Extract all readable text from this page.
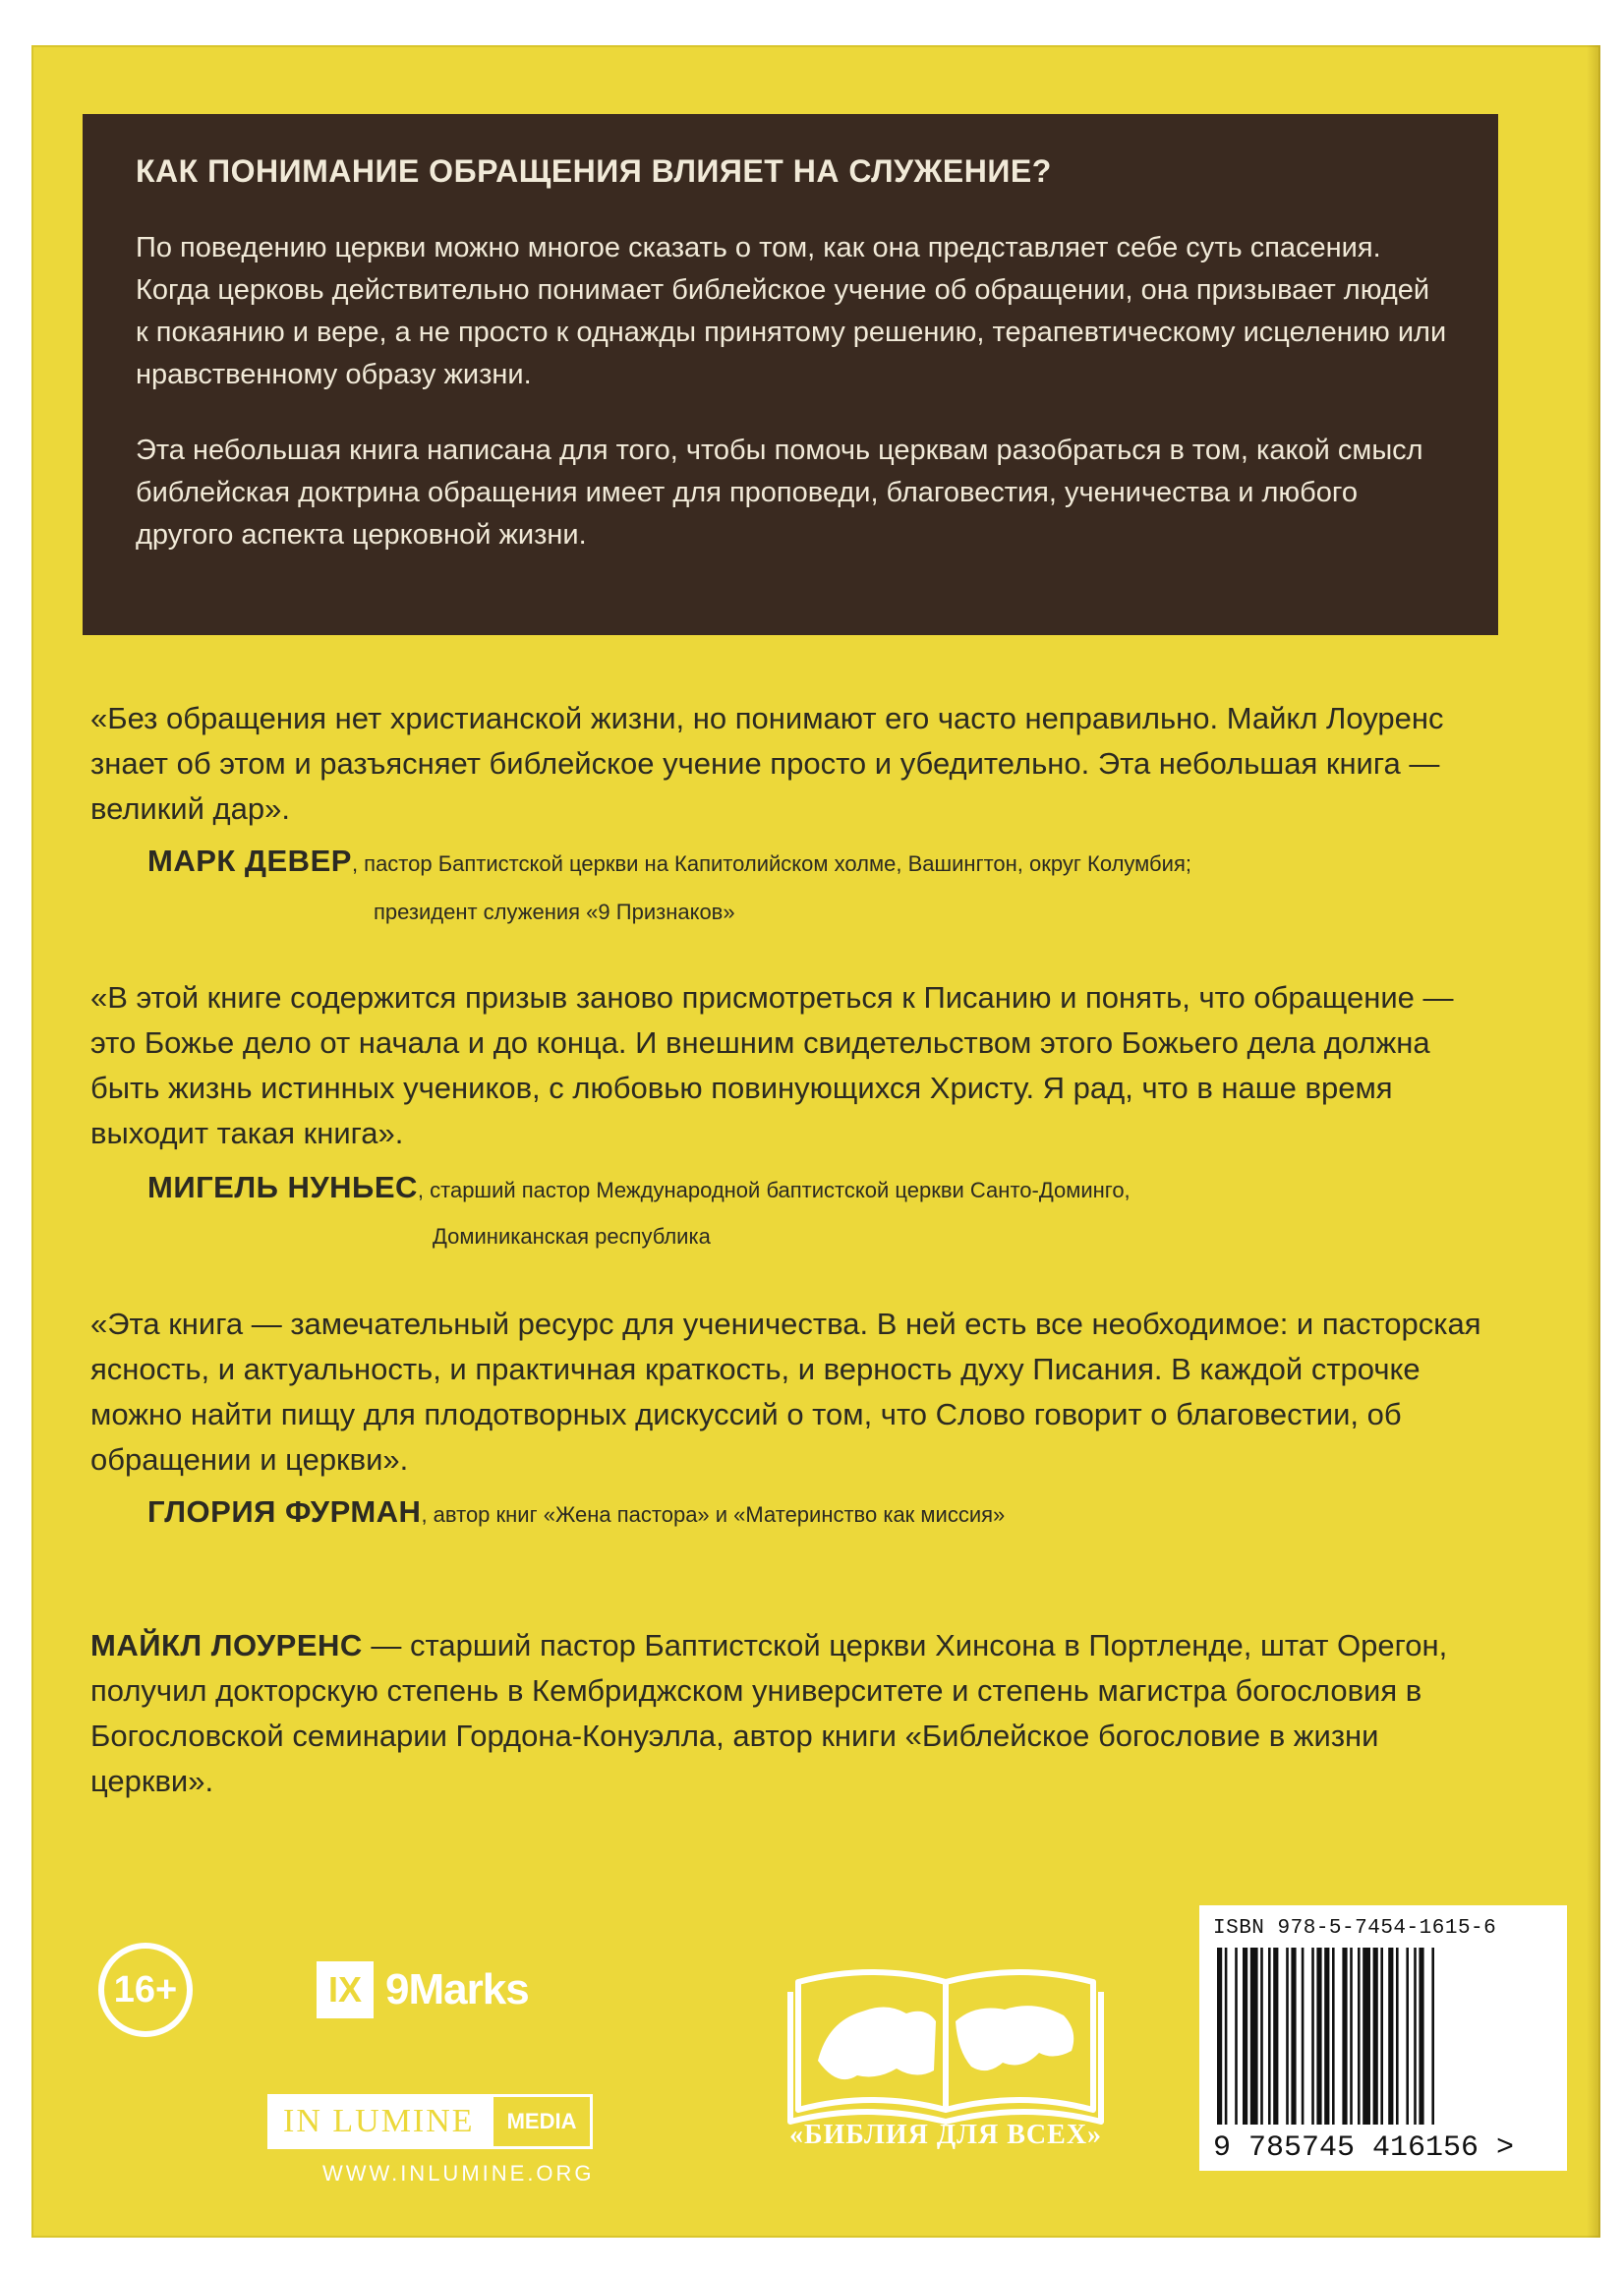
КАК ПОНИМАНИЕ ОБРАЩЕНИЯ ВЛИЯЕТ НА СЛУЖЕНИЕ?

По поведению церкви можно многое сказать о том, как она представляет себе суть спасения. Когда церковь действительно понимает библейское учение об обращении, она призывает людей к покаянию и вере, а не просто к однажды принятому решению, терапевтическому исцелению или нравственному образу жизни.

Эта небольшая книга написана для того, чтобы помочь церквам разобраться в том, какой смысл библейская доктрина обращения имеет для проповеди, благовестия, ученичества и любого другого аспекта церковной жизни.

«Без обращения нет христианской жизни, но понимают его часто неправильно. Майкл Лоуренс знает об этом и разъясняет библейское учение просто и убедительно. Эта небольшая книга — великий дар».
МАРК ДЕВЕР, пастор Баптистской церкви на Капитолийском холме, Вашингтон, округ Колумбия;
президент служения «9 Признаков»
«В этой книге содержится призыв заново присмотреться к Писанию и понять, что обращение — это Божье дело от начала и до конца. И внешним свидетельством этого Божьего дела должна быть жизнь истинных учеников, с любовью повинующихся Христу. Я рад, что в наше время выходит такая книга».
МИГЕЛЬ НУНЬЕС, старший пастор Международной баптистской церкви Санто-Доминго,
Доминиканская республика
«Эта книга — замечательный ресурс для ученичества. В ней есть все необходимое: и пасторская ясность, и актуальность, и практичная краткость, и верность духу Писания. В каждой строчке можно найти пищу для плодотворных дискуссий о том, что Слово говорит о благовестии, об обращении и церкви».
ГЛОРИЯ ФУРМАН, автор книг «Жена пастора» и «Материнство как миссия»
МАЙКЛ ЛОУРЕНС — старший пастор Баптистской церкви Хинсона в Портленде, штат Орегон, получил докторскую степень в Кембриджском университете и степень магистра богословия в Богословской семинарии Гордона-Конуэлла, автор книги «Библейское богословие в жизни церкви».
16+	IX 9Marks
IN LUMINE	MEDIA
WWW.INLUMINE.ORG
«БИБЛИЯ ДЛЯ ВСЕХ»
ISBN 978-5-7454-1615-6
9 785745 416156 >
